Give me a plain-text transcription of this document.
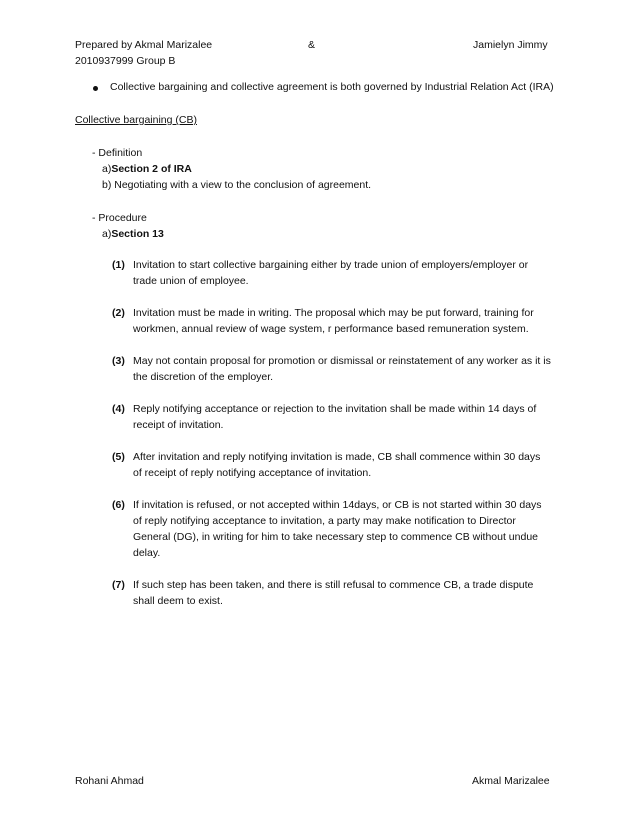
Prepared by Akmal Marizalee	&	Jamielyn Jimmy
2010937999 Group B
Collective bargaining and collective agreement is both governed by Industrial Relation Act (IRA)
Collective bargaining (CB)
- Definition
a)Section 2 of IRA
b) Negotiating with a view to the conclusion of agreement.
- Procedure
a)Section 13
(1) Invitation to start collective bargaining either by trade union of employers/employer or trade union of employee.
(2) Invitation must be made in writing. The proposal which may be put forward, training for workmen, annual review of wage system, r performance based remuneration system.
(3) May not contain proposal for promotion or dismissal or reinstatement of any worker as it is the discretion of the employer.
(4) Reply notifying acceptance or rejection to the invitation shall be made within 14 days of receipt of invitation.
(5) After invitation and reply notifying invitation is made, CB shall commence within 30 days of receipt of reply notifying acceptance of invitation.
(6) If invitation is refused, or not accepted within 14days, or CB is not started within 30 days of reply notifying acceptance to invitation, a party may make notification to Director General (DG), in writing for him to take necessary step to commence CB without undue delay.
(7) If such step has been taken, and there is still refusal to commence CB, a trade dispute shall deem to exist.
Rohani Ahmad	Akmal Marizalee
